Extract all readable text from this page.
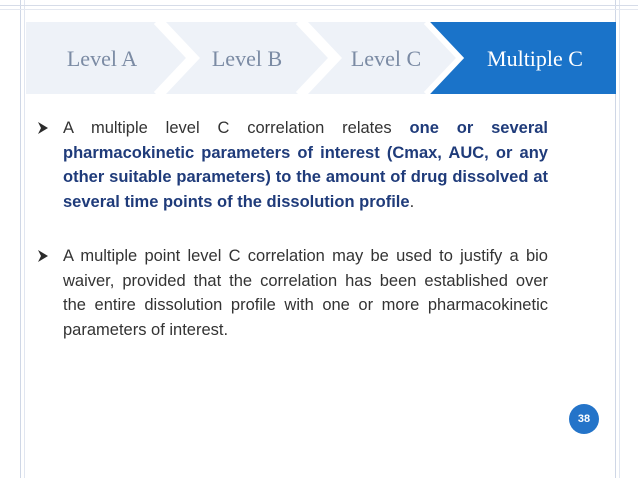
Level A	Level B	Level C	Multiple C
A multiple level C correlation relates one or several pharmacokinetic parameters of interest (Cmax, AUC, or any other suitable parameters) to the amount of drug dissolved at several time points of the dissolution profile.
A multiple point level C correlation may be used to justify a bio waiver, provided that the correlation has been established over the entire dissolution profile with one or more pharmacokinetic parameters of interest.
38
